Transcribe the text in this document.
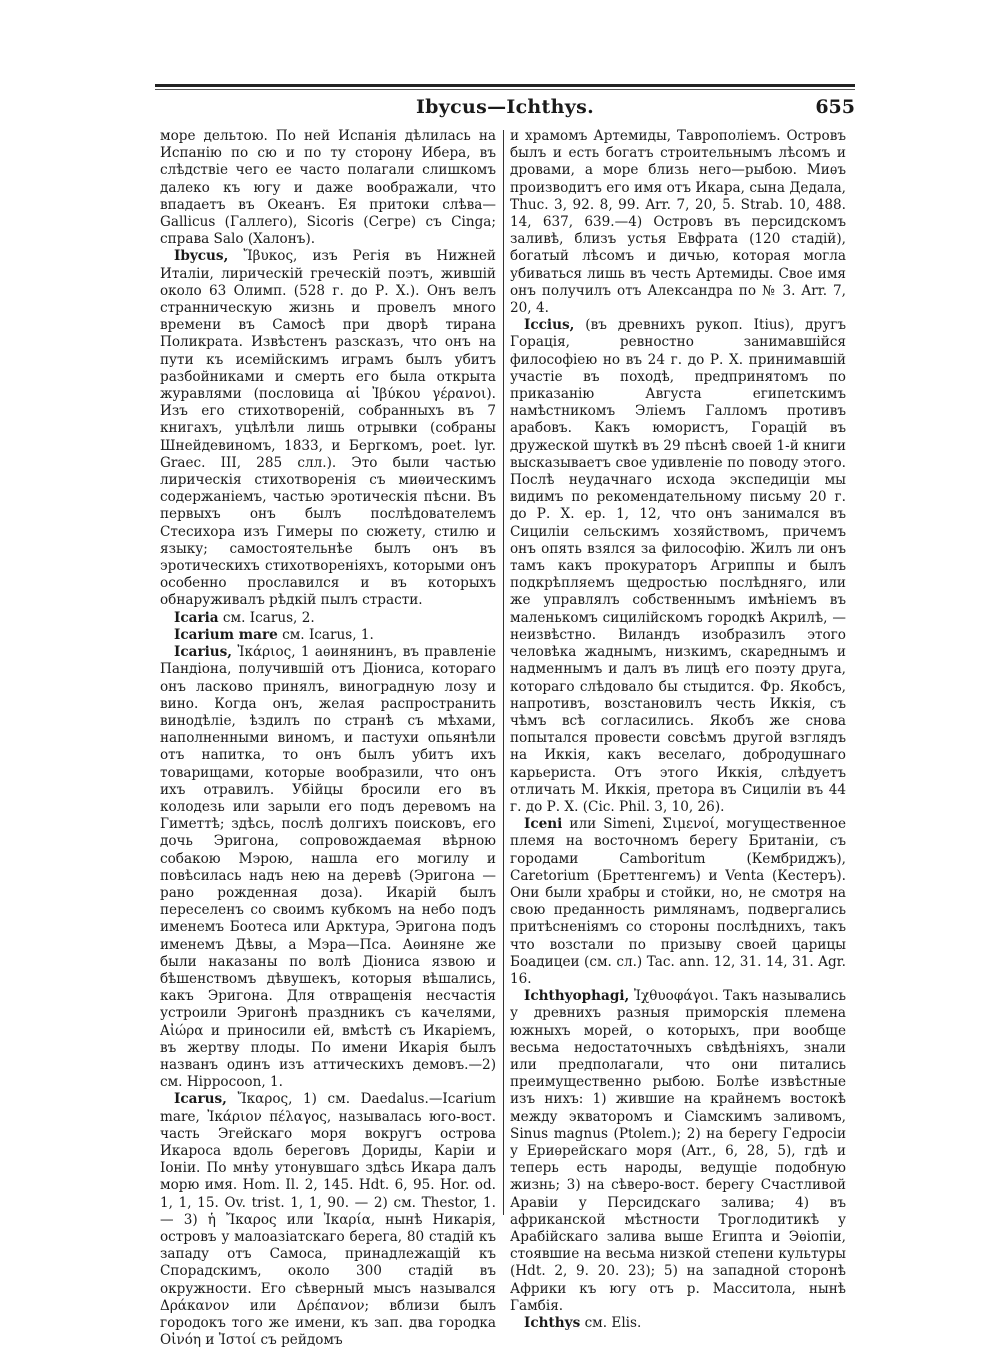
Ibycus—Ichthys.	655

море дельтою. По ней Испанія дѣлилась на Испанію по сю и по ту сторону Ибера, въ слѣдствіе чего ее часто полагали слишкомъ далеко къ югу и даже воображали, что впадаетъ въ Океанъ. Ея притоки слѣва—Gallicus (Галлего), Sicoris (Сегре) съ Cinga; справа Salo (Халонъ).

Ibycus, Ἴβυκος, изъ Регія въ Нижней Италіи, лирическій греческій поэтъ, жившій около 63 Олимп. (528 г. до Р. Х.). Онъ велъ странническую жизнь и провелъ много времени въ Самосѣ при дворѣ тирана Поликрата. Извѣстенъ разсказъ, что онъ на пути къ исемійскимъ играмъ былъ убитъ разбойниками и смерть его была открыта журавлями (пословица αἱ Ἰβύκου γέρανοι). Изъ его стихотвореній, собранныхъ въ 7 книгахъ, уцѣлѣли лишь отрывки (собраны Шнейдевиномъ, 1833, и Бергкомъ, poet. lyr. Graec. III, 285 слл.). Это были частью лирическія стихотворенія съ миѳическимъ содержаніемъ, частью эротическія пѣсни. Въ первыхъ онъ былъ послѣдователемъ Стесихора изъ Гимеры по сюжету, стилю и языку; самостоятельнѣе былъ онъ въ эротическихъ стихотвореніяхъ, которыми онъ особенно прославился и въ которыхъ обнаруживалъ рѣдкій пылъ страсти.

Icaria см. Icarus, 2.

Icarium mare см. Icarus, 1.

Icarius, Ἰκάριος, 1 аѳинянинъ, въ правленіе Пандіона, получившій отъ Діониса, котораго онъ ласково принялъ, виноградную лозу и вино. Когда онъ, желая распространить винодѣліе, ѣздилъ по странѣ съ мѣхами, наполненными виномъ, и пастухи опьянѣли отъ напитка, то онъ былъ убитъ ихъ товарищами, которые вообразили, что онъ ихъ отравилъ. Убійцы бросили его въ колодезь или зарыли его подъ деревомъ на Гиметтѣ; здѣсь, послѣ долгихъ поисковъ, его дочь Эригона, сопровождаемая вѣрною собакою Мэрою, нашла его могилу и повѣсилась надъ нею на деревѣ (Эригона — рано рожденная доза). Икарій былъ переселенъ со своимъ кубкомъ на небо подъ именемъ Боотеса или Арктура, Эригона подъ именемъ Дѣвы, а Мэра—Пса. Аѳиняне же были наказаны по волѣ Діониса язвою и бѣшенствомъ дѣвушекъ, которыя вѣшались, какъ Эригона. Для отвращенія несчастія устроили Эригонѣ праздникъ съ качелями, Αἰώρα и приносили ей, вмѣстѣ съ Икаріемъ, въ жертву плоды. По имени Икарія былъ названъ одинъ изъ аттическихъ демовъ.—2) см. Hippocoon, 1.

Icarus, Ἴκαρος, 1) см. Daedalus.—Icarium mare, Ἰκάριον πέλαγος, называлась юго-вост. часть Эгейскаго моря вокругъ острова Икароса вдоль береговъ Дориды, Каріи и Іоніи. По мнѣу утонувшаго здѣсь Икара далъ морю имя. Hom. Il. 2, 145. Hdt. 6, 95. Hor. od. 1, 1, 15. Ov. trist. 1, 1, 90. — 2) см. Thestor, 1. — 3) ἡ Ἴκαρος или Ἰκαρία, нынѣ Никарія, островъ у малоазіатскаго берега, 80 стадій къ западу отъ Самоса, принадлежащій къ Спорадскимъ, около 300 стадій въ окружности. Его сѣверный мысъ назывался Δράκανον или Δρέπανον; вблизи былъ городокъ того же имени, къ зап. два городка Οἰνόη и Ἰστοί съ рейдомъ

и храмомъ Артемиды, Таврополіемъ. Островъ былъ и есть богатъ строительнымъ лѣсомъ и дровами, а море близь него—рыбою. Миѳъ производитъ его имя отъ Икара, сына Дедала, Thuc. 3, 92. 8, 99. Arr. 7, 20, 5. Strab. 10, 488. 14, 637, 639.—4) Островъ въ персидскомъ заливѣ, близъ устья Евфрата (120 стадій), богатый лѣсомъ и дичью, которая могла убиваться лишь въ честь Артемиды. Свое имя онъ получилъ отъ Александра по № 3. Arr. 7, 20, 4.

Iccius, (въ древнихъ рукоп. Itius), другъ Горація, ревностно занимавшійся философіею но въ 24 г. до Р. Х. принимавшій участіе въ походѣ, предпринятомъ по приказанію Августа египетскимъ намѣстникомъ Эліемъ Галломъ противъ арабовъ. Какъ юмористъ, Горацій въ дружеской шуткѣ въ 29 пѣснѣ своей 1-й книги высказываетъ свое удивленіе по поводу этого. Послѣ неудачнаго исхода экспедиціи мы видимъ по рекомендательному письму 20 г. до Р. Х. ep. 1, 12, что онъ занимался въ Сициліи сельскимъ хозяйствомъ, причемъ онъ опять взялся за философію. Жилъ ли онъ тамъ какъ прокураторъ Агриппы и былъ подкрѣпляемъ щедростью послѣдняго, или же управлялъ собственнымъ имѣніемъ въ маленькомъ сицилійскомъ городкѣ Акрилѣ, — неизвѣстно. Виландъ изобразилъ этого человѣка жаднымъ, низкимъ, скареднымъ и надменнымъ и далъ въ лицѣ его поэту друга, котораго слѣдовало бы стыдится. Фр. Якобсъ, напротивъ, возстановилъ честь Иккія, съ чѣмъ всѣ согласились. Якобъ же снова попытался провести совсѣмъ другой взглядъ на Иккія, какъ веселаго, добродушнаго карьериста. Отъ этого Иккія, слѣдуетъ отличать М. Иккія, претора въ Сициліи въ 44 г. до Р. Х. (Cic. Phil. 3, 10, 26).

Iceni или Simeni, Σιμενοί, могущественное племя на восточномъ берегу Британіи, съ городами Camboritum (Кембриджъ), Caretorium (Бреттенгемъ) и Venta (Кестеръ). Они были храбры и стойки, но, не смотря на свою преданность римлянамъ, подвергались притѣсненіямъ со стороны послѣднихъ, такъ что возстали по призыву своей царицы Боадицеи (см. сл.) Tac. ann. 12, 31. 14, 31. Agr. 16.

Ichthyophagi, Ἰχθυοφάγοι. Такъ назывались у древнихъ разныя приморскія племена южныхъ морей, о которыхъ, при вообще весьма недостаточныхъ свѣдѣніяхъ, знали или предполагали, что они питались преимущественно рыбою. Болѣе извѣстные изъ нихъ: 1) жившие на крайнемъ востокѣ между экваторомъ и Сіамскимъ заливомъ, Sinus magnus (Ptolem.); 2) на берегу Гедросіи у Ериѳрейскаго моря (Arr., 6, 28, 5), гдѣ и теперь есть народы, ведущіе подобную жизнь; 3) на сѣверо-вост. берегу Счастливой Аравіи у Персидскаго залива; 4) въ африканской мѣстности Троглодитикѣ у Арабійскаго залива выше Египта и Эѳіопіи, стоявшие на весьма низкой степени культуры (Hdt. 2, 9. 20. 23); 5) на западной сторонѣ Африки къ югу отъ р. Масситола, нынѣ Гамбія.

Ichthys см. Elis.
